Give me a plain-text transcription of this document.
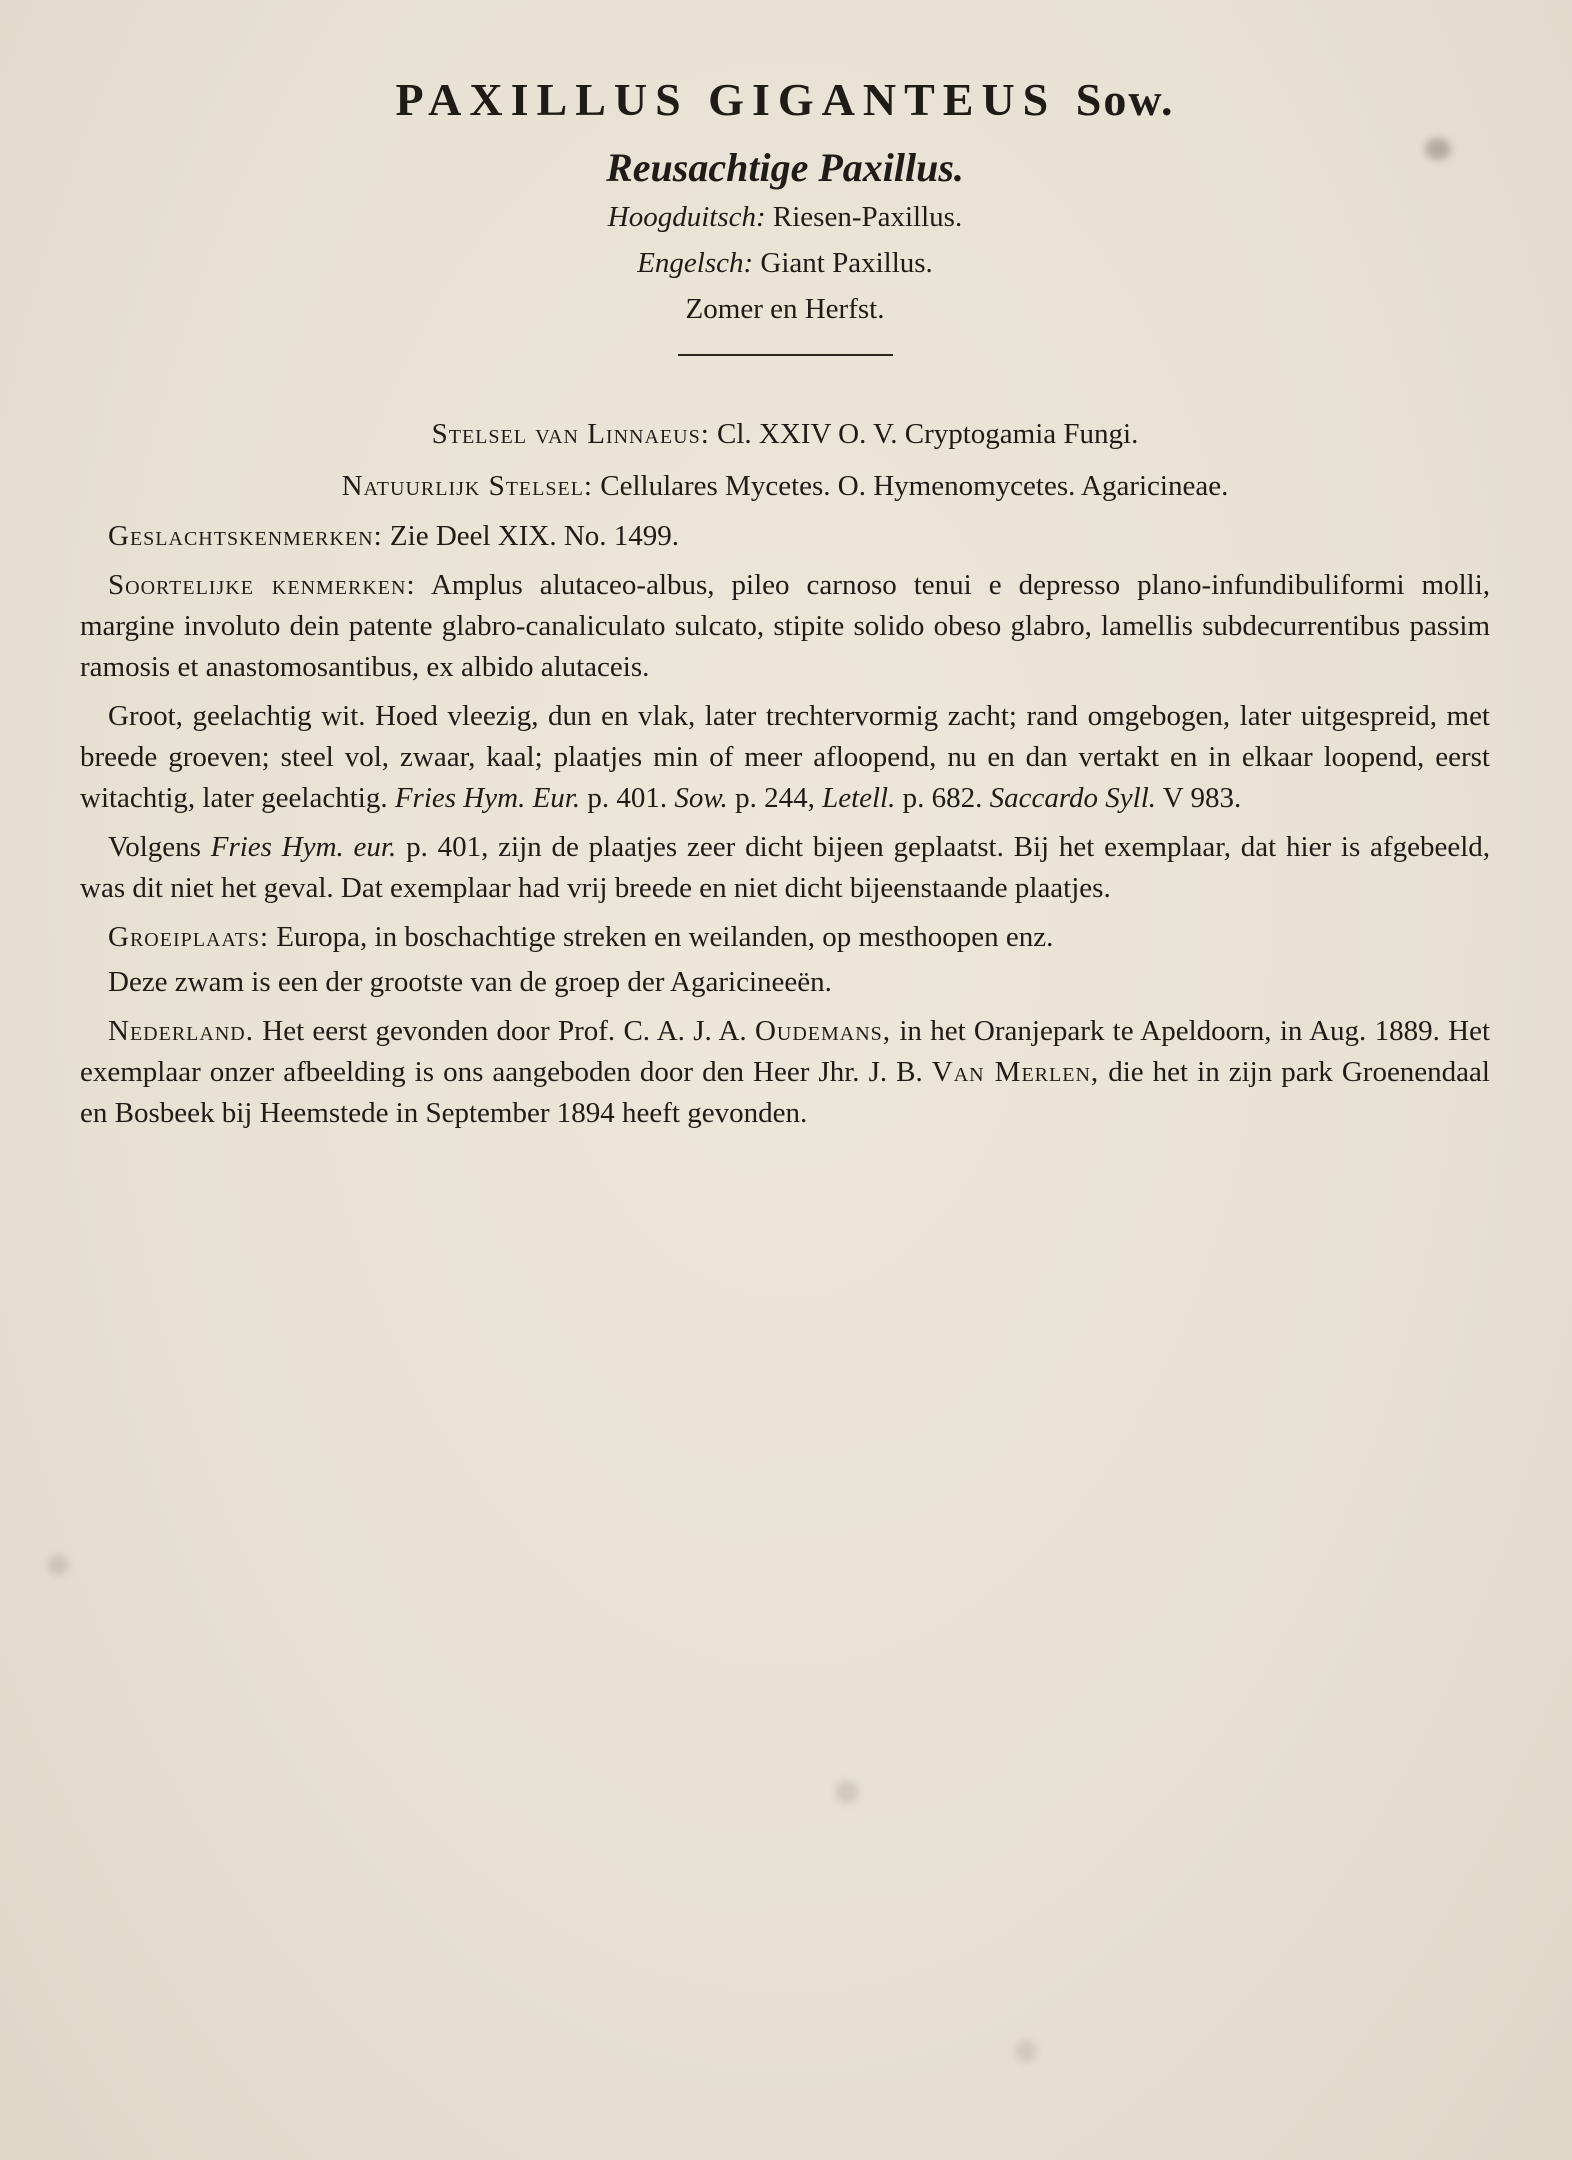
PAXILLUS GIGANTEUS Sow.
Reusachtige Paxillus.
Hoogduitsch: Riesen-Paxillus.
Engelsch: Giant Paxillus.
Zomer en Herfst.
Stelsel van Linnaeus: Cl. XXIV O. V. Cryptogamia Fungi.
Natuurlijk Stelsel: Cellulares Mycetes. O. Hymenomycetes. Agaricineae.

Geslachtskenmerken: Zie Deel XIX. No. 1499.

Soortelijke kenmerken: Amplus alutaceo-albus, pileo carnoso tenui e depresso plano-infundibuliformi molli, margine involuto dein patente glabro-canaliculato sulcato, stipite solido obeso glabro, lamellis subdecurrentibus passim ramosis et anastomosantibus, ex albido alutaceis.

Groot, geelachtig wit. Hoed vleezig, dun en vlak, later trechtervormig zacht; rand omgebogen, later uitgespreid, met breede groeven; steel vol, zwaar, kaal; plaatjes min of meer afloopend, nu en dan vertakt en in elkaar loopend, eerst witachtig, later geelachtig. Fries Hym. Eur. p. 401. Sow. p. 244, Letell. p. 682. Saccardo Syll. V 983.

Volgens Fries Hym. eur. p. 401, zijn de plaatjes zeer dicht bijeen geplaatst. Bij het exemplaar, dat hier is afgebeeld, was dit niet het geval. Dat exemplaar had vrij breede en niet dicht bijeenstaande plaatjes.

Groeiplaats: Europa, in boschachtige streken en weilanden, op mesthoopen enz.

Deze zwam is een der grootste van de groep der Agaricineeën.

Nederland. Het eerst gevonden door Prof. C. A. J. A. Oudemans, in het Oranjepark te Apeldoorn, in Aug. 1889. Het exemplaar onzer afbeelding is ons aangeboden door den Heer Jhr. J. B. Van Merlen, die het in zijn park Groenendaal en Bosbeek bij Heemstede in September 1894 heeft gevonden.
